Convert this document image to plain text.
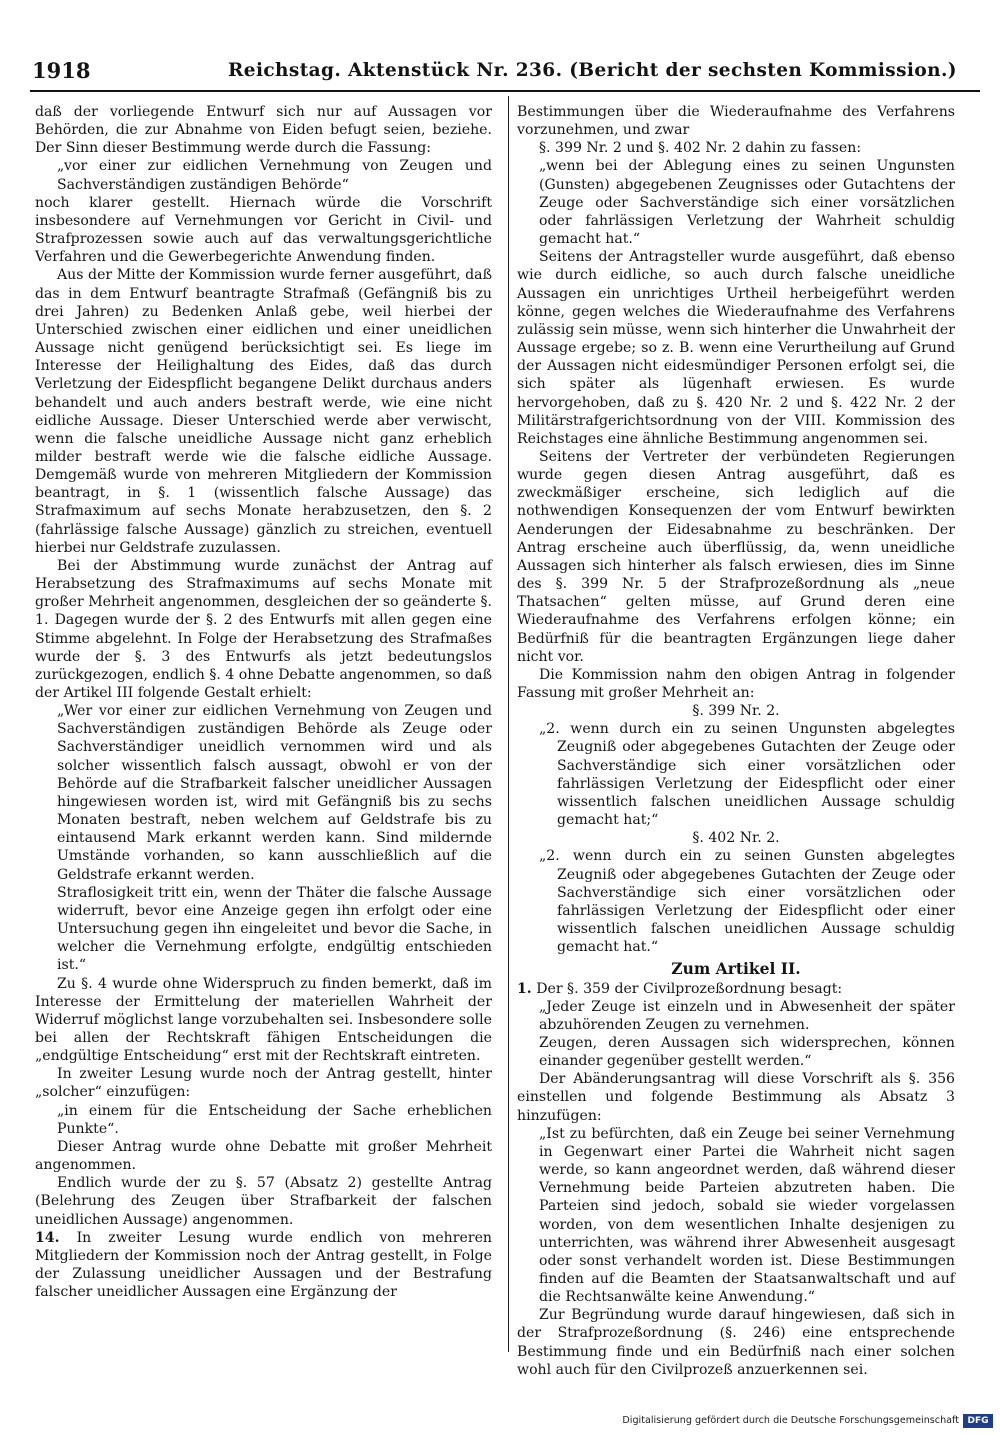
1918	Reichstag. Aktenstück Nr. 236. (Bericht der sechsten Kommission.)

daß der vorliegende Entwurf sich nur auf Aussagen vor Behörden, die zur Abnahme von Eiden befugt seien, beziehe. Der Sinn dieser Bestimmung werde durch die Fassung:

„vor einer zur eidlichen Vernehmung von Zeugen und Sachverständigen zuständigen Behörde“

noch klarer gestellt. Hiernach würde die Vorschrift insbesondere auf Vernehmungen vor Gericht in Civil- und Strafprozessen sowie auch auf das verwaltungsgerichtliche Verfahren und die Gewerbegerichte Anwendung finden.

Aus der Mitte der Kommission wurde ferner ausgeführt, daß das in dem Entwurf beantragte Strafmaß (Gefängniß bis zu drei Jahren) zu Bedenken Anlaß gebe, weil hierbei der Unterschied zwischen einer eidlichen und einer uneidlichen Aussage nicht genügend berücksichtigt sei. Es liege im Interesse der Heilighaltung des Eides, daß das durch Verletzung der Eidespflicht begangene Delikt durchaus anders behandelt und auch anders bestraft werde, wie eine nicht eidliche Aussage. Dieser Unterschied werde aber verwischt, wenn die falsche uneidliche Aussage nicht ganz erheblich milder bestraft werde wie die falsche eidliche Aussage. Demgemäß wurde von mehreren Mitgliedern der Kommission beantragt, in §. 1 (wissentlich falsche Aussage) das Strafmaximum auf sechs Monate herabzusetzen, den §. 2 (fahrlässige falsche Aussage) gänzlich zu streichen, eventuell hierbei nur Geldstrafe zuzulassen.

Bei der Abstimmung wurde zunächst der Antrag auf Herabsetzung des Strafmaximums auf sechs Monate mit großer Mehrheit angenommen, desgleichen der so geänderte §. 1. Dagegen wurde der §. 2 des Entwurfs mit allen gegen eine Stimme abgelehnt. In Folge der Herabsetzung des Strafmaßes wurde der §. 3 des Entwurfs als jetzt bedeutungslos zurückgezogen, endlich §. 4 ohne Debatte angenommen, so daß der Artikel III folgende Gestalt erhielt:

„Wer vor einer zur eidlichen Vernehmung von Zeugen und Sachverständigen zuständigen Behörde als Zeuge oder Sachverständiger uneidlich vernommen wird und als solcher wissentlich falsch aussagt, obwohl er von der Behörde auf die Strafbarkeit falscher uneidlicher Aussagen hingewiesen worden ist, wird mit Gefängniß bis zu sechs Monaten bestraft, neben welchem auf Geldstrafe bis zu eintausend Mark erkannt werden kann. Sind mildernde Umstände vorhanden, so kann ausschließlich auf die Geldstrafe erkannt werden.

Straflosigkeit tritt ein, wenn der Thäter die falsche Aussage widerruft, bevor eine Anzeige gegen ihn erfolgt oder eine Untersuchung gegen ihn eingeleitet und bevor die Sache, in welcher die Vernehmung erfolgte, endgültig entschieden ist.“

Zu §. 4 wurde ohne Widerspruch zu finden bemerkt, daß im Interesse der Ermittelung der materiellen Wahrheit der Widerruf möglichst lange vorzubehalten sei. Insbesondere solle bei allen der Rechtskraft fähigen Entscheidungen die „endgültige Entscheidung“ erst mit der Rechtskraft eintreten.

In zweiter Lesung wurde noch der Antrag gestellt, hinter „solcher“ einzufügen:

„in einem für die Entscheidung der Sache erheblichen Punkte“.

Dieser Antrag wurde ohne Debatte mit großer Mehrheit angenommen.

Endlich wurde der zu §. 57 (Absatz 2) gestellte Antrag (Belehrung des Zeugen über Strafbarkeit der falschen uneidlichen Aussage) angenommen.

14. In zweiter Lesung wurde endlich von mehreren Mitgliedern der Kommission noch der Antrag gestellt, in Folge der Zulassung uneidlicher Aussagen und der Bestrafung falscher uneidlicher Aussagen eine Ergänzung der

Bestimmungen über die Wiederaufnahme des Verfahrens vorzunehmen, und zwar

§. 399 Nr. 2 und §. 402 Nr. 2 dahin zu fassen:

„wenn bei der Ablegung eines zu seinen Ungunsten (Gunsten) abgegebenen Zeugnisses oder Gutachtens der Zeuge oder Sachverständige sich einer vorsätzlichen oder fahrlässigen Verletzung der Wahrheit schuldig gemacht hat.“

Seitens der Antragsteller wurde ausgeführt, daß ebenso wie durch eidliche, so auch durch falsche uneidliche Aussagen ein unrichtiges Urtheil herbeigeführt werden könne, gegen welches die Wiederaufnahme des Verfahrens zulässig sein müsse, wenn sich hinterher die Unwahrheit der Aussage ergebe; so z. B. wenn eine Verurtheilung auf Grund der Aussagen nicht eidesmündiger Personen erfolgt sei, die sich später als lügenhaft erwiesen. Es wurde hervorgehoben, daß zu §. 420 Nr. 2 und §. 422 Nr. 2 der Militärstrafgerichtsordnung von der VIII. Kommission des Reichstages eine ähnliche Bestimmung angenommen sei.

Seitens der Vertreter der verbündeten Regierungen wurde gegen diesen Antrag ausgeführt, daß es zweckmäßiger erscheine, sich lediglich auf die nothwendigen Konsequenzen der vom Entwurf bewirkten Aenderungen der Eidesabnahme zu beschränken. Der Antrag erscheine auch überflüssig, da, wenn uneidliche Aussagen sich hinterher als falsch erwiesen, dies im Sinne des §. 399 Nr. 5 der Strafprozeßordnung als „neue Thatsachen“ gelten müsse, auf Grund deren eine Wiederaufnahme des Verfahrens erfolgen könne; ein Bedürfniß für die beantragten Ergänzungen liege daher nicht vor.

Die Kommission nahm den obigen Antrag in folgender Fassung mit großer Mehrheit an:

§. 399 Nr. 2.

„2. wenn durch ein zu seinen Ungunsten abgelegtes Zeugniß oder abgegebenes Gutachten der Zeuge oder Sachverständige sich einer vorsätzlichen oder fahrlässigen Verletzung der Eidespflicht oder einer wissentlich falschen uneidlichen Aussage schuldig gemacht hat;“

§. 402 Nr. 2.

„2. wenn durch ein zu seinen Gunsten abgelegtes Zeugniß oder abgegebenes Gutachten der Zeuge oder Sachverständige sich einer vorsätzlichen oder fahrlässigen Verletzung der Eidespflicht oder einer wissentlich falschen uneidlichen Aussage schuldig gemacht hat.“

Zum Artikel II.

1. Der §. 359 der Civilprozeßordnung besagt:

„Jeder Zeuge ist einzeln und in Abwesenheit der später abzuhörenden Zeugen zu vernehmen.

Zeugen, deren Aussagen sich widersprechen, können einander gegenüber gestellt werden.“

Der Abänderungsantrag will diese Vorschrift als §. 356 einstellen und folgende Bestimmung als Absatz 3 hinzufügen:

„Ist zu befürchten, daß ein Zeuge bei seiner Vernehmung in Gegenwart einer Partei die Wahrheit nicht sagen werde, so kann angeordnet werden, daß während dieser Vernehmung beide Parteien abzutreten haben. Die Parteien sind jedoch, sobald sie wieder vorgelassen worden, von dem wesentlichen Inhalte desjenigen zu unterrichten, was während ihrer Abwesenheit ausgesagt oder sonst verhandelt worden ist. Diese Bestimmungen finden auf die Beamten der Staatsanwaltschaft und auf die Rechtsanwälte keine Anwendung.“

Zur Begründung wurde darauf hingewiesen, daß sich in der Strafprozeßordnung (§. 246) eine entsprechende Bestimmung finde und ein Bedürfniß nach einer solchen wohl auch für den Civilprozeß anzuerkennen sei.

Digitalisierung gefördert durch die Deutsche Forschungsgemeinschaft DFG
